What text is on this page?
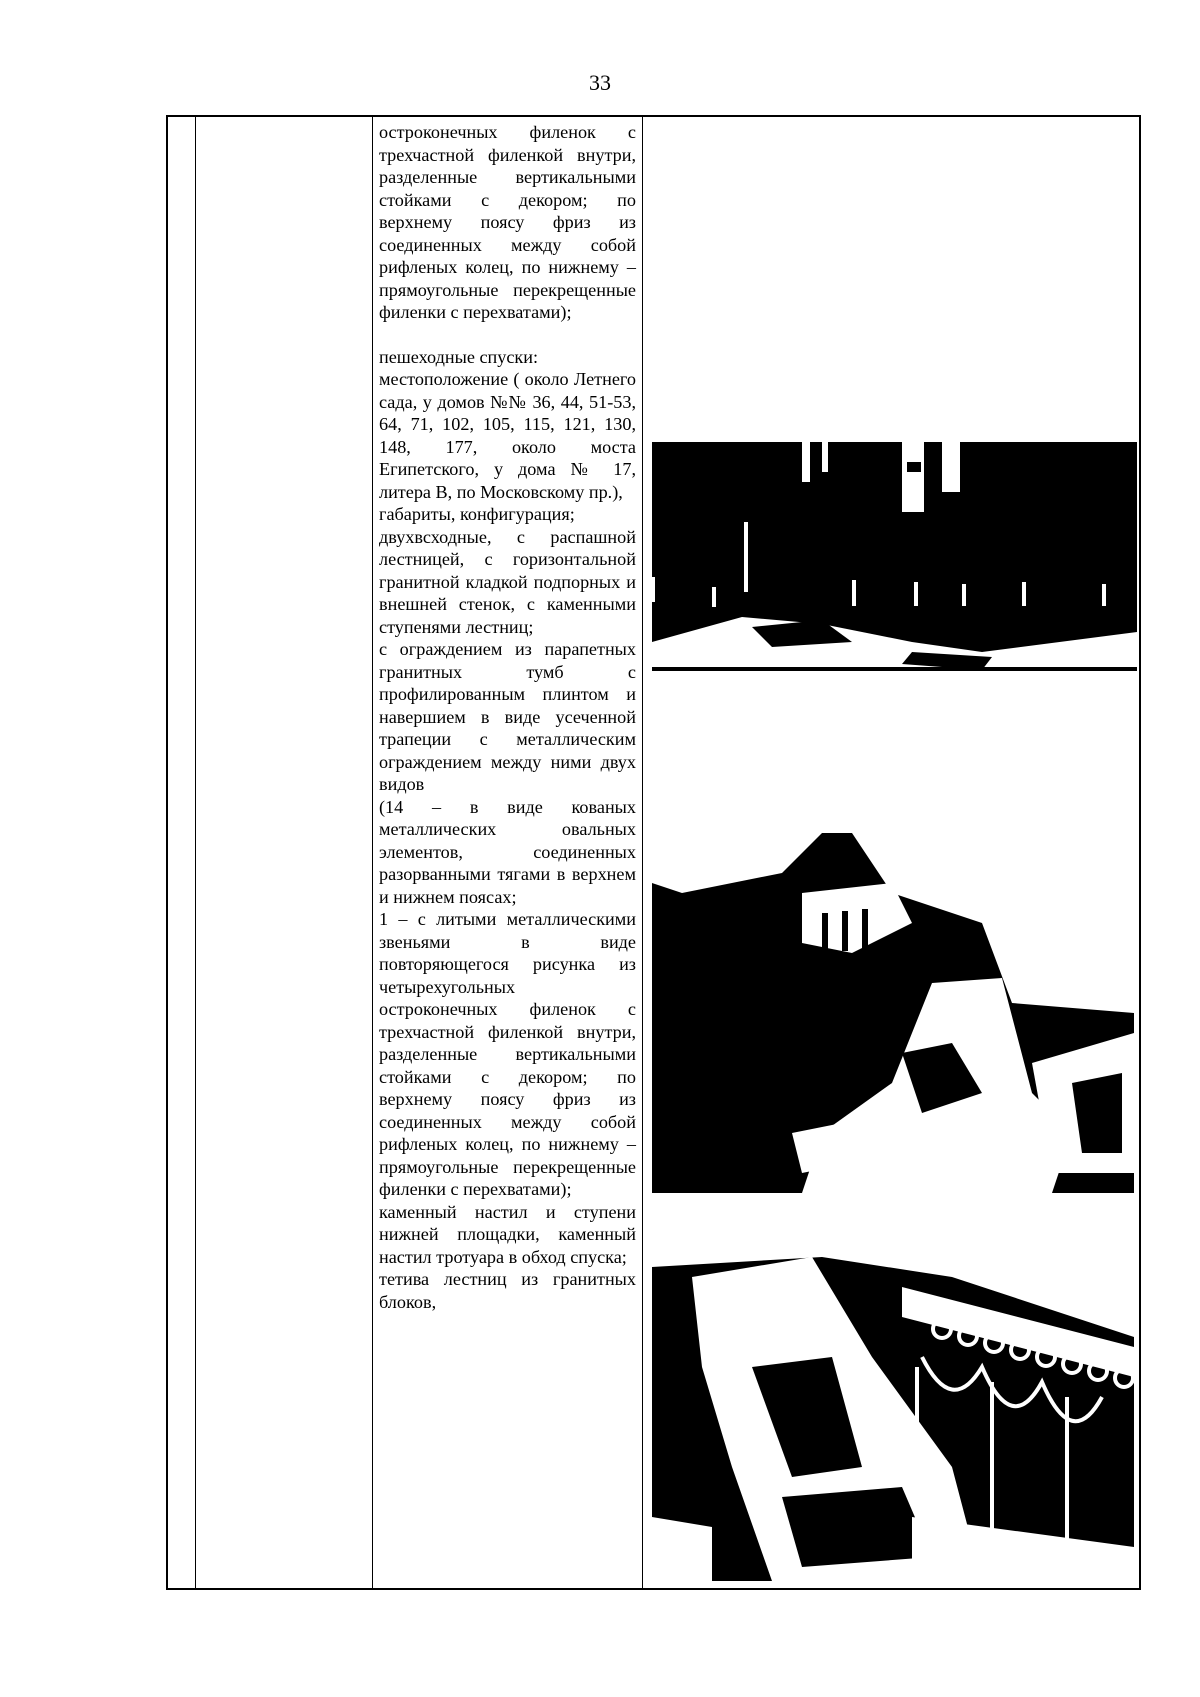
33

остроконечных филенок с трехчастной филенкой внутри, разделенные вертикальными стойками с декором; по верхнему поясу фриз из соединенных между собой рифленых колец, по нижнему – прямоугольные перекрещенные филенки с перехватами);

пешеходные спуски:

местоположение ( около Летнего сада, у домов №№ 36, 44, 51-53, 64, 71, 102, 105, 115, 121, 130, 148, 177, около моста Египетского, у дома № 17, литера В, по Московскому пр.),

габариты, конфигурация;

двухвсходные, с распашной лестницей, с горизонтальной гранитной кладкой подпорных и внешней стенок, с каменными ступенями лестниц;

с ограждением из парапетных гранитных тумб с профилированным плинтом и навершием в виде усеченной трапеции с металлическим ограждением между ними двух видов

(14 – в виде кованых металлических овальных элементов, соединенных разорванными тягами в верхнем и нижнем поясах;

1 – с литыми металлическими звеньями в виде повторяющегося рисунка из четырехугольных остроконечных филенок с трехчастной филенкой внутри, разделенные вертикальными стойками с декором; по верхнему поясу фриз из соединенных между собой рифленых колец, по нижнему – прямоугольные перекрещенные филенки с перехватами);

каменный настил и ступени нижней площадки, каменный настил тротуара в обход спуска;

тетива лестниц из гранитных блоков,
